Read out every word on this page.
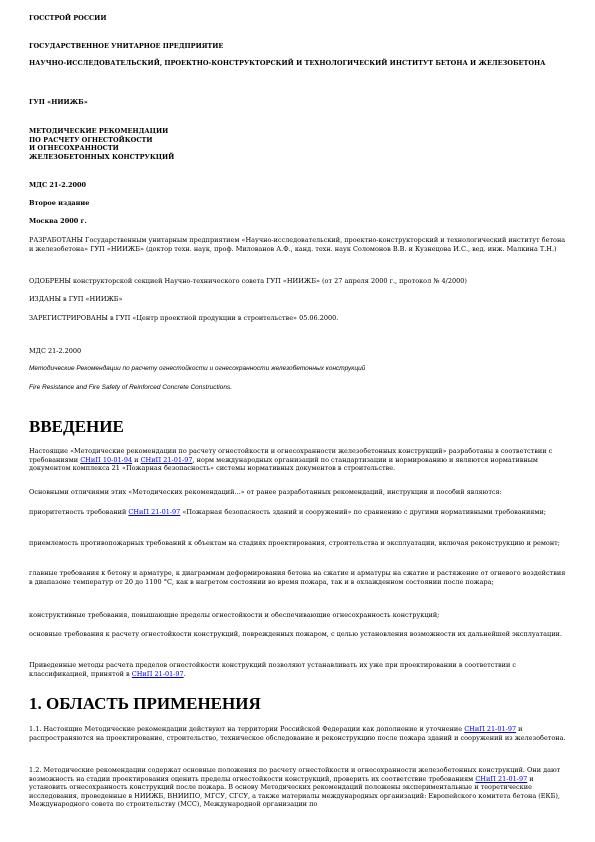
ГОССТРОЙ РОССИИ

ГОСУДАРСТВЕННОЕ УНИТАРНОЕ ПРЕДПРИЯТИЕ

НАУЧНО-ИССЛЕДОВАТЕЛЬСКИЙ, ПРОЕКТНО-КОНСТРУКТОРСКИЙ И ТЕХНОЛОГИЧЕСКИЙ ИНСТИТУТ БЕТОНА И ЖЕЛЕЗОБЕТОНА

ГУП «НИИЖБ»

МЕТОДИЧЕСКИЕ РЕКОМЕНДАЦИИ

ПО РАСЧЕТУ ОГНЕСТОЙКОСТИ

И ОГНЕСОХРАННОСТИ

ЖЕЛЕЗОБЕТОННЫХ КОНСТРУКЦИЙ

МДС 21-2.2000

Второе издание

Москва 2000 г.

РАЗРАБОТАНЫ Государственным унитарным предприятием «Научно-исследовательский, проектно-конструкторский и технологический институт бетона и железобетона» ГУП «НИИЖБ» (доктор техн. наук, проф. Милованов А.Ф., канд. техн. наук Соломонов В.В. и Кузнецова И.С., вед. инж. Малкина Т.Н.)

ОДОБРЕНЫ конструкторской секцией Научно-технического совета ГУП «НИИЖБ» (от 27 апреля 2000 г., протокол № 4/2000)

ИЗДАНЫ в ГУП «НИИЖБ»

ЗАРЕГИСТРИРОВАНЫ в ГУП «Центр проектной продукции в строительстве» 05.06.2000.

МДС 21-2.2000

Методические Рекомендации по расчету огнестойкости и огнесохранности железобетонных конструкций

Fire Resistance and Fire Safety of Reinforced Concrete Constructions.

ВВЕДЕНИЕ

Настоящие «Методические рекомендации по расчету огнестойкости и огнесохранности железобетонных конструкций» разработаны в соответствии с требованиями СНиП 10-01-94 и СНиП 21-01-97, норм международных организаций по стандартизации и нормированию и являются нормативным документом комплекса 21 «Пожарная безопасность» системы нормативных документов в строительстве.

Основными отличиями этих «Методических рекомендаций...» от ранее разработанных рекомендаций, инструкции и пособий являются:

приоритетность требований СНиП 21-01-97 «Пожарная безопасность зданий и сооружений» по сравнению с другими нормативными требованиями;

приемлемость противопожарных требований к объектам на стадиях проектирования, строительства и эксплуатации, включая реконструкцию и ремонт;

главные требования к бетону и арматуре, к диаграммам деформирования бетона на сжатие и арматуры на сжатие и растяжение от огневого воздействия в диапазоне температур от 20 до 1100 °С, как в нагретом состоянии во время пожара, так и в охлажденном состоянии после пожара;

конструктивные требования, повышающие пределы огнестойкости и обеспечивающие огнесохранность конструкций;

основные требования к расчету огнестойкости конструкций, поврежденных пожаром, с целью установления возможности их дальнейшей эксплуатации.

Приведенные методы расчета пределов огнестойкости конструкций позволяют устанавливать их уже при проектировании в соответствии с классификацией, принятой в СНиП 21-01-97.

1. ОБЛАСТЬ ПРИМЕНЕНИЯ

1.1. Настоящие Методические рекомендации действуют на территории Российской Федерации как дополнение и уточнение СНиП 21-01-97 и распространяются на проектирование, строительство, техническое обследование и реконструкцию после пожара зданий и сооружений из железобетона.

1.2. Методические рекомендации содержат основные положения по расчету огнестойкости и огнесохранности железобетонных конструкций. Они дают возможность на стадии проектирования оценить пределы огнестойкости конструкций, проверить их соответствие требованиям СНиП 21-01-97 и установить огнесохранность конструкций после пожара. В основу Методических рекомендаций положены экспериментальные и теоретические исследования, проведенные в НИИЖБ, ВНИИПО, МГСУ, СГСУ, а также материалы международных организаций: Европейского комитета бетона (ЕКБ), Международного совета по строительству (МСС), Международной организации по
